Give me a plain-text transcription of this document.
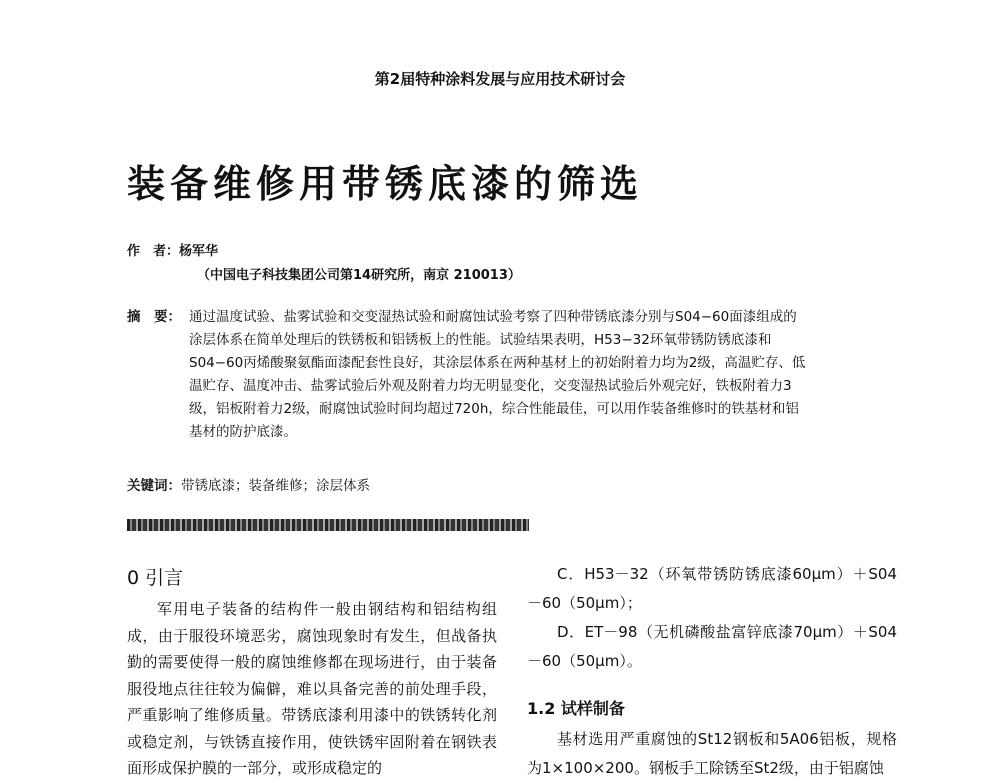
第2届特种涂料发展与应用技术研讨会
装备维修用带锈底漆的筛选
作　者：杨军华
（中国电子科技集团公司第14研究所，南京 210013）
摘　要： 通过温度试验、盐雾试验和交变湿热试验和耐腐蚀试验考察了四种带锈底漆分别与S04−60面漆组成的涂层体系在简单处理后的铁锈板和铝锈板上的性能。试验结果表明，H53−32环氧带锈防锈底漆和S04−60丙烯酸聚氨酯面漆配套性良好，其涂层体系在两种基材上的初始附着力均为2级，高温贮存、低温贮存、温度冲击、盐雾试验后外观及附着力均无明显变化，交变湿热试验后外观完好，铁板附着力3级，铝板附着力2级，耐腐蚀试验时间均超过720h，综合性能最佳，可以用作装备维修时的铁基材和铝基材的防护底漆。
关键词：带锈底漆；装备维修；涂层体系
0 引言
军用电子装备的结构件一般由钢结构和铝结构组成，由于服役环境恶劣，腐蚀现象时有发生，但战备执勤的需要使得一般的腐蚀维修都在现场进行，由于装备服役地点往往较为偏僻，难以具备完善的前处理手段，严重影响了维修质量。带锈底漆利用漆中的铁锈转化剂或稳定剂，与铁锈直接作用，使铁锈牢固附着在钢铁表面形成保护膜的一部分，或形成稳定的
C．H53－32（环氧带锈防锈底漆60μm）＋S04－60（50μm）；
D．ET－98（无机磷酸盐富锌底漆70μm）＋S04－60（50μm）。
1.2 试样制备
基材选用严重腐蚀的St12钢板和5A06铝板，规格为1×100×200。钢板手工除锈至St2级，由于铝腐蚀
